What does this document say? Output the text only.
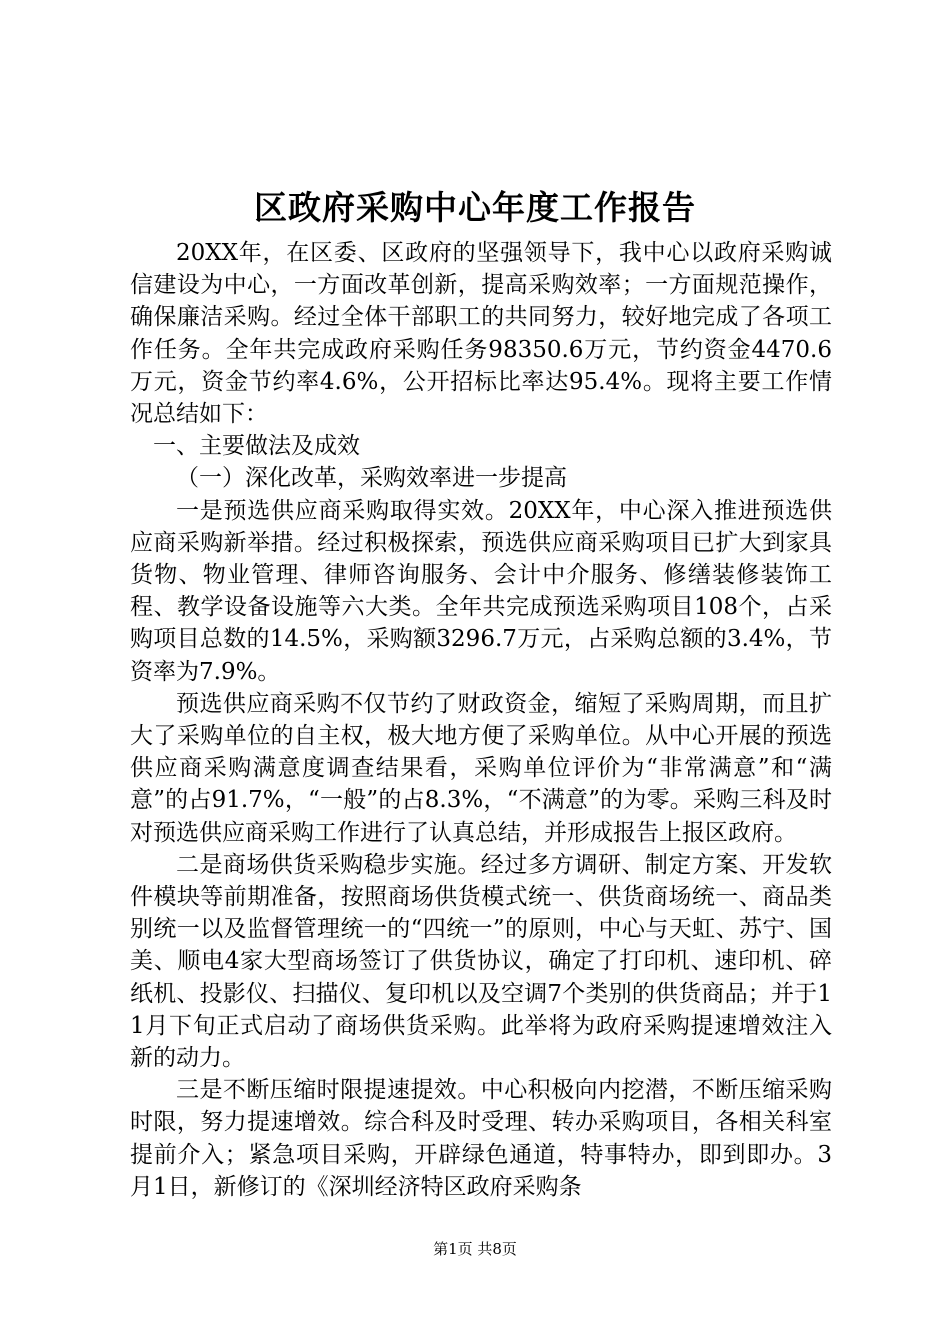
区政府采购中心年度工作报告

20XX年，在区委、区政府的坚强领导下，我中心以政府采购诚信建设为中心，一方面改革创新，提高采购效率；一方面规范操作，确保廉洁采购。经过全体干部职工的共同努力，较好地完成了各项工作任务。全年共完成政府采购任务98350.6万元，节约资金4470.6万元，资金节约率4.6%，公开招标比率达95.4%。现将主要工作情况总结如下：

一、主要做法及成效

（一）深化改革，采购效率进一步提高

一是预选供应商采购取得实效。20XX年，中心深入推进预选供应商采购新举措。经过积极探索，预选供应商采购项目已扩大到家具货物、物业管理、律师咨询服务、会计中介服务、修缮装修装饰工程、教学设备设施等六大类。全年共完成预选采购项目108个，占采购项目总数的14.5%，采购额3296.7万元，占采购总额的3.4%，节资率为7.9%。

预选供应商采购不仅节约了财政资金，缩短了采购周期，而且扩大了采购单位的自主权，极大地方便了采购单位。从中心开展的预选供应商采购满意度调查结果看，采购单位评价为“非常满意”和“满意”的占91.7%，“一般”的占8.3%，“不满意”的为零。采购三科及时对预选供应商采购工作进行了认真总结，并形成报告上报区政府。

二是商场供货采购稳步实施。经过多方调研、制定方案、开发软件模块等前期准备，按照商场供货模式统一、供货商场统一、商品类别统一以及监督管理统一的“四统一”的原则，中心与天虹、苏宁、国美、顺电4家大型商场签订了供货协议，确定了打印机、速印机、碎纸机、投影仪、扫描仪、复印机以及空调7个类别的供货商品；并于11月下旬正式启动了商场供货采购。此举将为政府采购提速增效注入新的动力。

三是不断压缩时限提速提效。中心积极向内挖潜，不断压缩采购时限，努力提速增效。综合科及时受理、转办采购项目，各相关科室提前介入；紧急项目采购，开辟绿色通道，特事特办，即到即办。3月1日，新修订的《深圳经济特区政府采购条

第1页 共8页
